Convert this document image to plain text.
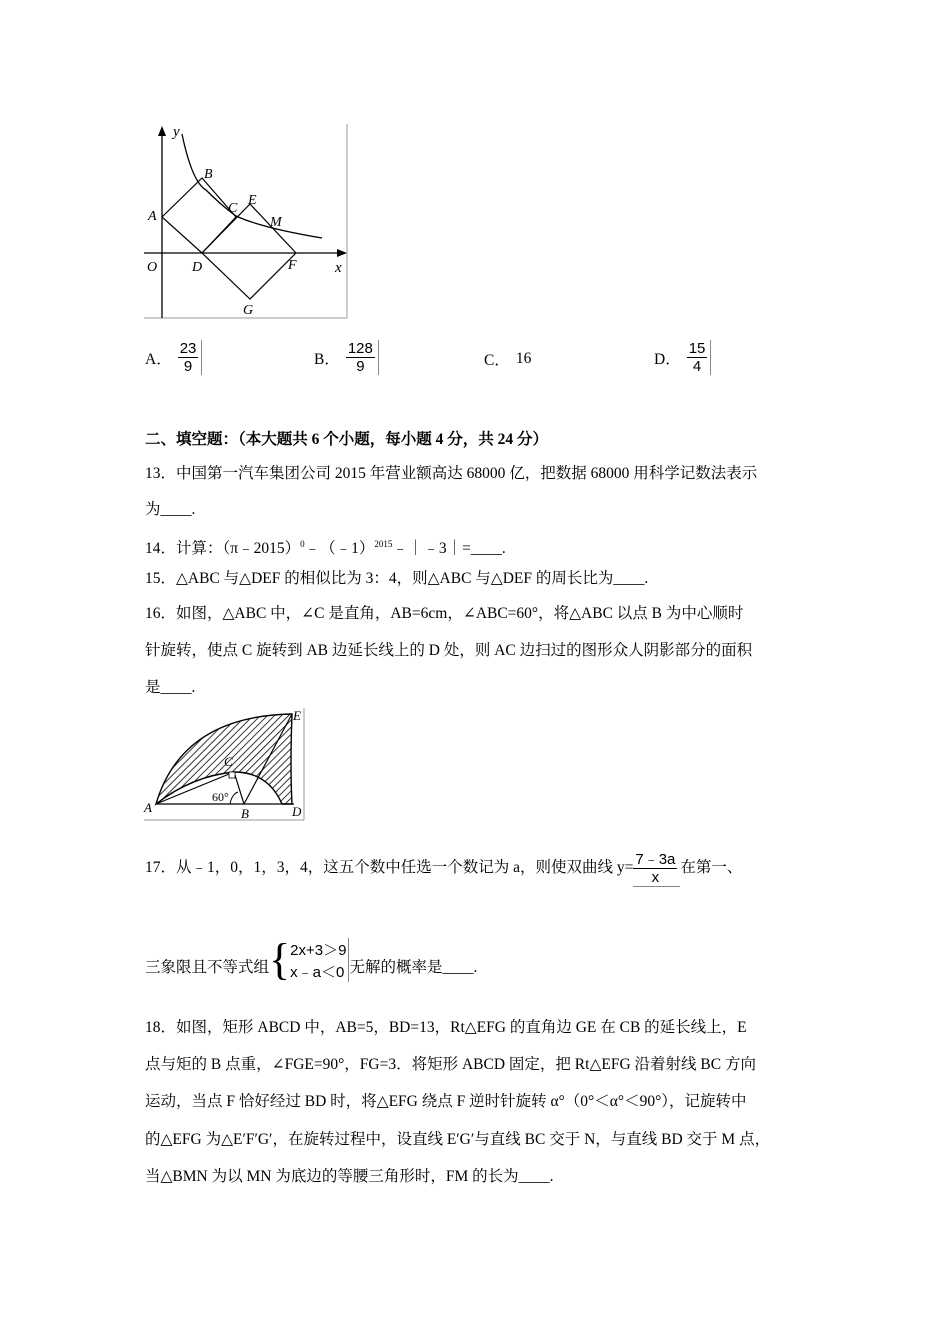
y
B
A
C
E
M
O D	F	x
G
A． $\frac{23}{9}$	B． $\frac{128}{9}$	C． 16	D． $\frac{15}{4}$
二、填空题：（本大题共 6 个小题，每小题 4 分，共 24 分）
13．中国第一汽车集团公司 2015 年营业额高达 68000 亿，把数据 68000 用科学记数法表示
为____.
14．计算：（π﹣2015）$^0$﹣（﹣1）$^{2015}$﹣｜﹣3｜=____.
15．△ABC 与△DEF 的相似比为 3：4，则△ABC 与△DEF 的周长比为____.
16．如图，△ABC 中，∠C 是直角，AB=6cm，∠ABC=60°，将△ABC 以点 B 为中心顺时
针旋转，使点 C 旋转到 AB 边延长线上的 D 处，则 AC 边扫过的图形众人阴影部分的面积
是____.
A	B
C
D
E
60°
17．从﹣1，0，1，3，4，这五个数中任选一个数记为 a，则使双曲线 $y= \frac{7﹣3a}{x}$ 在第一、
三象限且不等式组 { 2x+3＞9
x﹣a＜0 无解的概率是____.
18．如图，矩形 ABCD 中，AB=5，BD=13，Rt△EFG 的直角边 GE 在 CB 的延长线上，E
点与矩的 B 点重，∠FGE=90°，FG=3．将矩形 ABCD 固定，把 Rt△EFG 沿着射线 BC 方向
运动，当点 F 恰好经过 BD 时，将△EFG 绕点 F 逆时针旋转 α°（0°＜α°＜90°），记旋转中
的△EFG 为△E′F′G′，在旋转过程中，设直线 E′G′与直线 BC 交于 N，与直线 BD 交于 M 点，
当△BMN 为以 MN 为底边的等腰三角形时，FM 的长为____.
